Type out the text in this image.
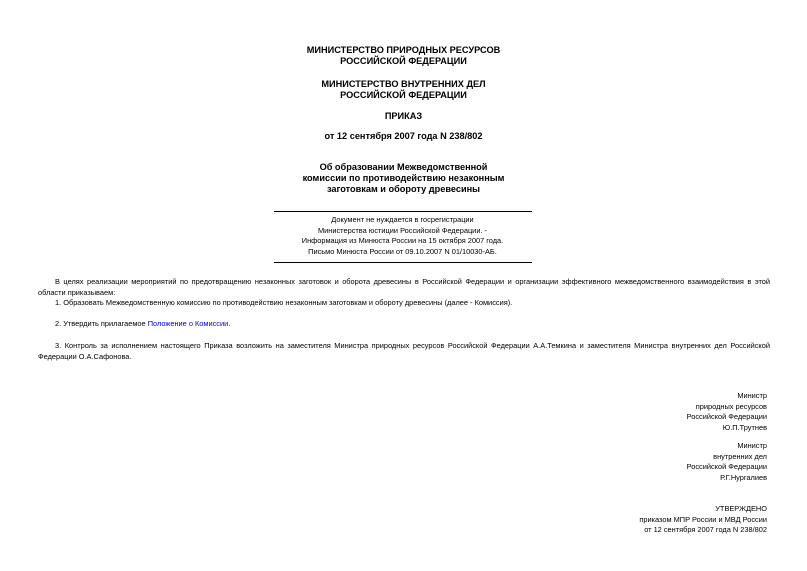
МИНИСТЕРСТВО ПРИРОДНЫХ РЕСУРСОВ
РОССИЙСКОЙ ФЕДЕРАЦИИ
МИНИСТЕРСТВО ВНУТРЕННИХ ДЕЛ
РОССИЙСКОЙ ФЕДЕРАЦИИ
ПРИКАЗ
от 12 сентября 2007 года N 238/802
Об образовании Межведомственной
комиссии по противодействию незаконным
заготовкам и обороту древесины
Документ не нуждается в госрегистрации
Министерства юстиции Российской Федерации. -
Информация из Минюста России на 15 октября 2007 года.
Письмо Минюста России от 09.10.2007 N 01/10030-АБ.
В целях реализации мероприятий по предотвращению незаконных заготовок и оборота древесины в Российской Федерации и организации эффективного межведомственного взаимодействия в этой области приказываем:
1. Образовать Межведомственную комиссию по противодействию незаконным заготовкам и обороту древесины (далее - Комиссия).
2. Утвердить прилагаемое Положение о Комиссии.
3. Контроль за исполнением настоящего Приказа возложить на заместителя Министра природных ресурсов Российской Федерации А.А.Темкина и заместителя Министра внутренних дел Российской Федерации О.А.Сафонова.
Министр
природных ресурсов
Российской Федерации
Ю.П.Трутнев
Министр
внутренних дел
Российской Федерации
Р.Г.Нургалиев
УТВЕРЖДЕНО
приказом МПР России и МВД России
от 12 сентября 2007 года N 238/802
